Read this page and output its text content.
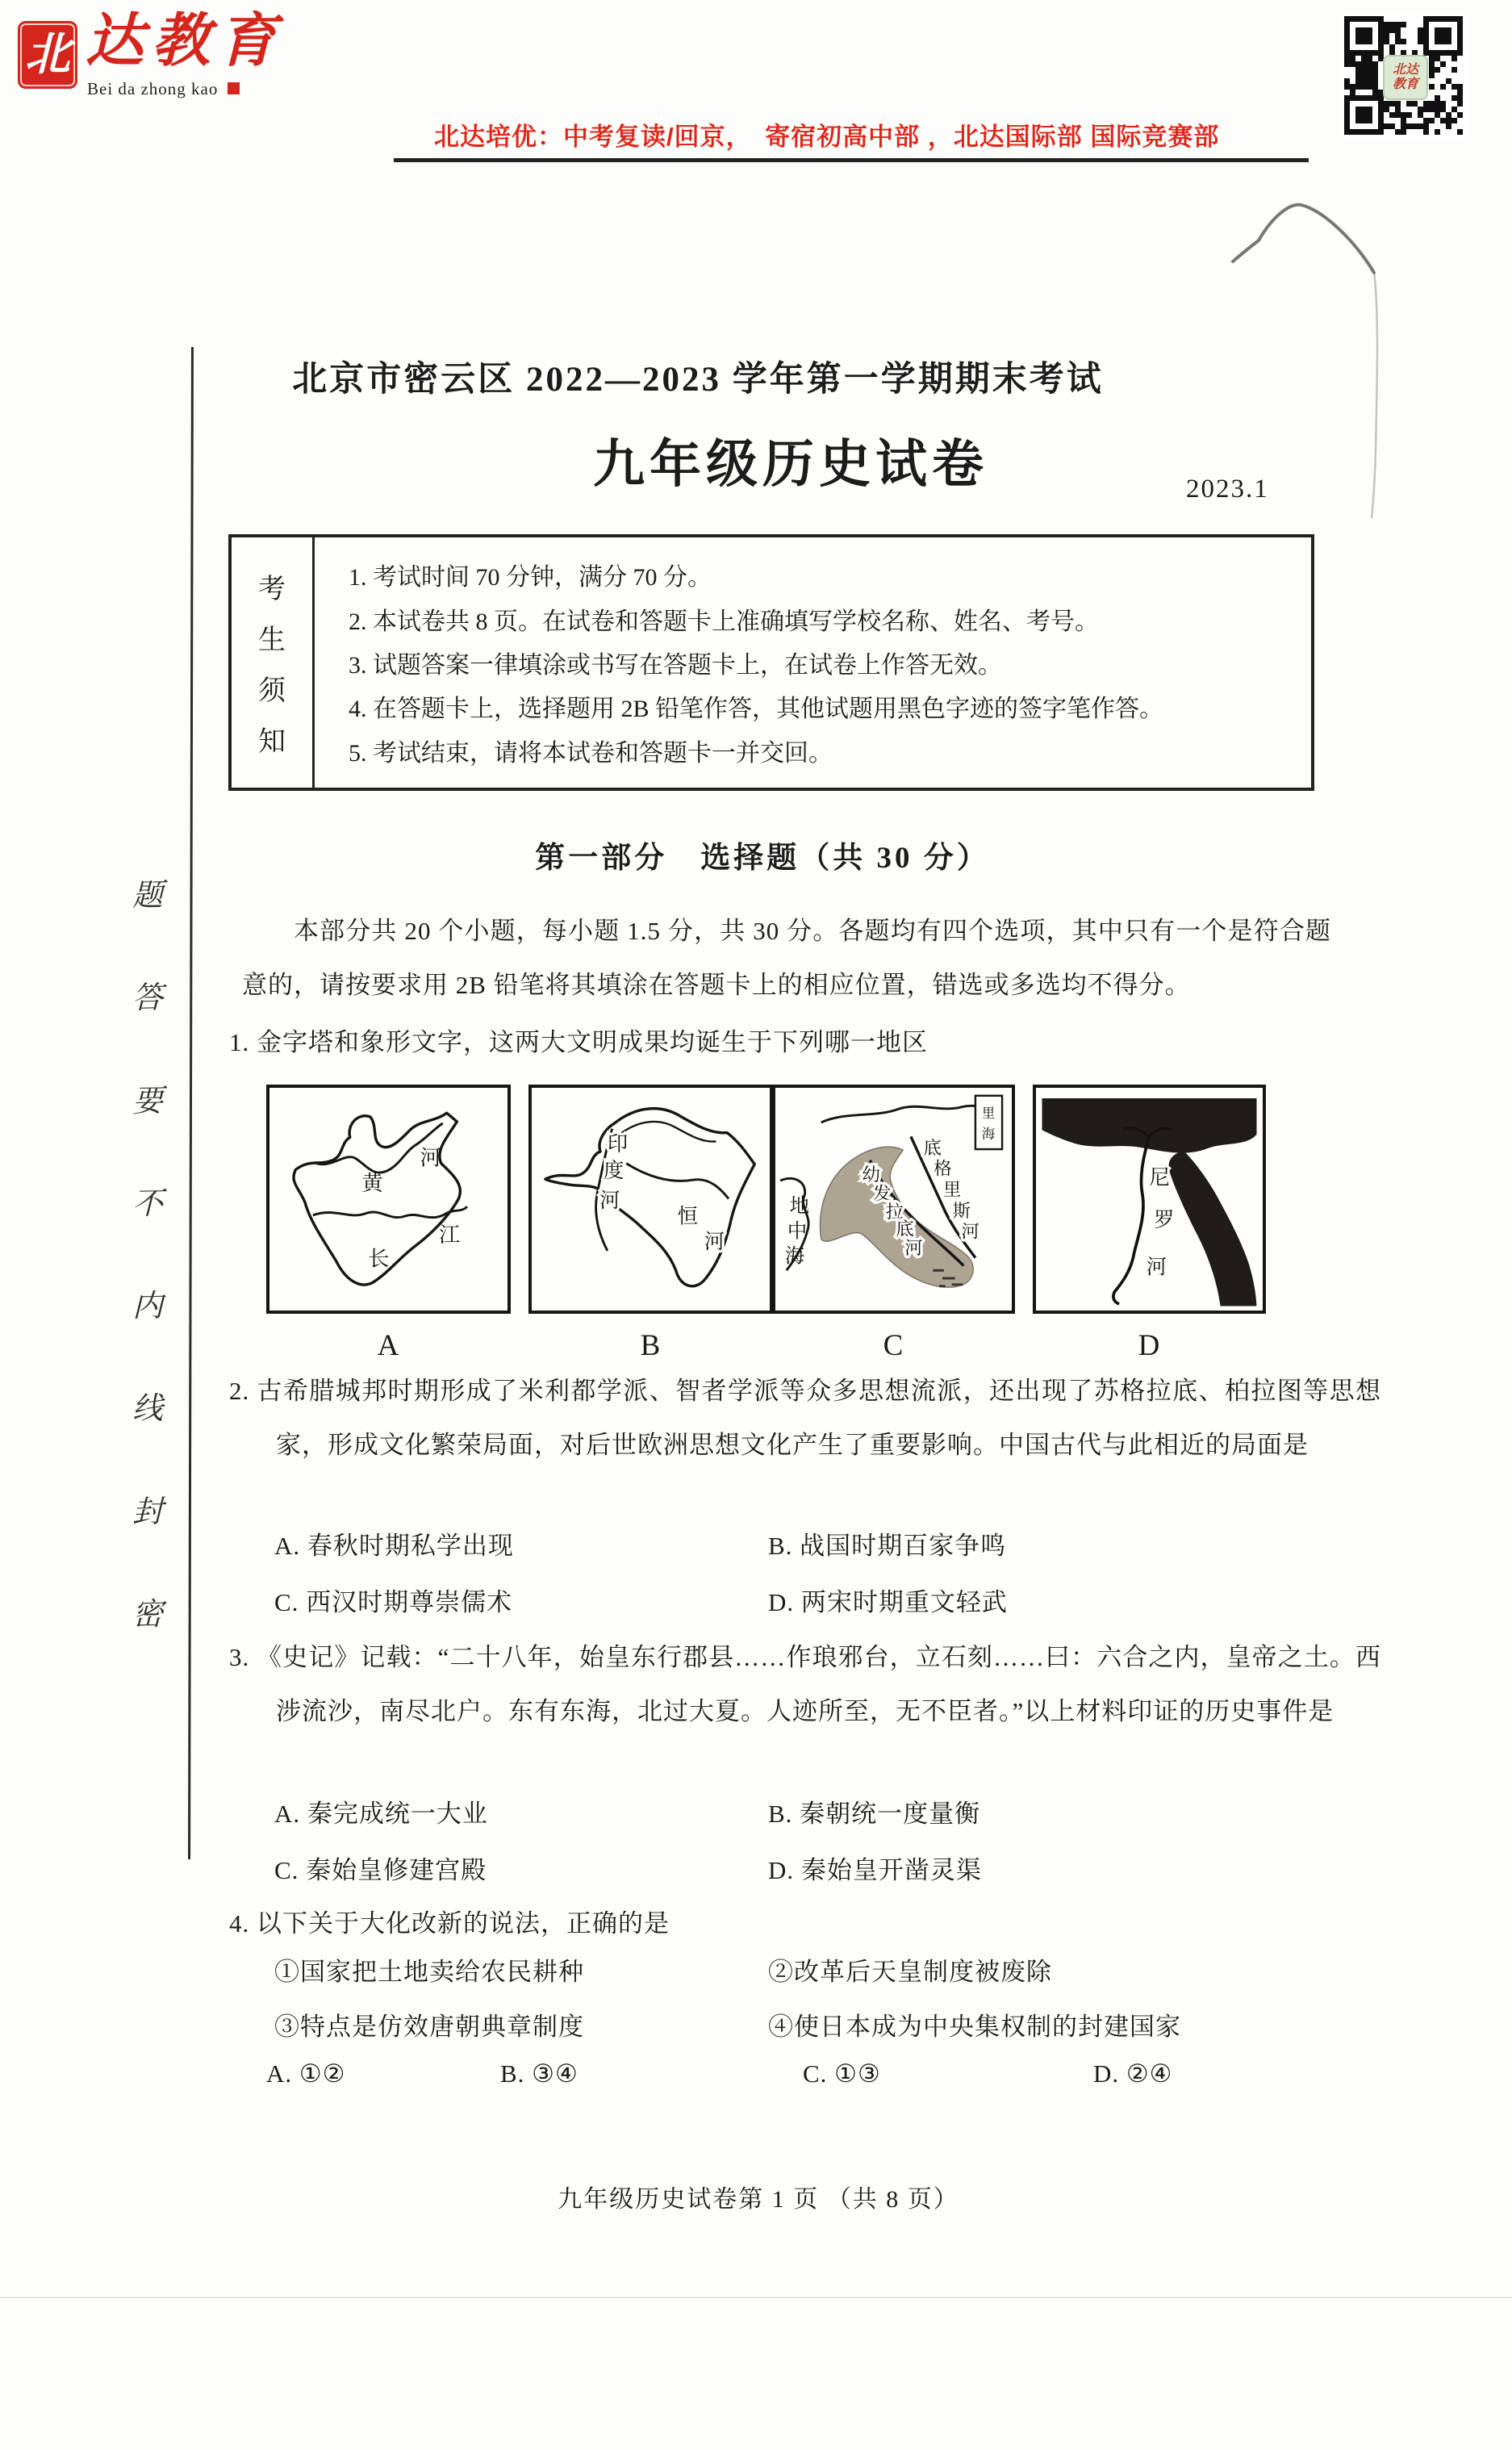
北 达教育
Bei da zhong kao
北达培优：中考复读/回京，　寄宿初高中部 ，北达国际部 国际竞赛部
北达
教育
北京市密云区 2022—2023 学年第一学期期末考试
九年级历史试卷	2023.1
考
生
须
知
1. 考试时间 70 分钟，满分 70 分。
2. 本试卷共 8 页。在试卷和答题卡上准确填写学校名称、姓名、考号。
3. 试题答案一律填涂或书写在答题卡上，在试卷上作答无效。
4. 在答题卡上，选择题用 2B 铅笔作答，其他试题用黑色字迹的签字笔作答。
5. 考试结束，请将本试卷和答题卡一并交回。
题
答
要
不
内
线
封
密
第一部分　选择题（共 30 分）
本部分共 20 个小题，每小题 1.5 分，共 30 分。各题均有四个选项，其中只有一个是符合题意的，请按要求用 2B 铅笔将其填涂在答题卡上的相应位置，错选或多选均不得分。
1. 金字塔和象形文字，这两大文明成果均诞生于下列哪一地区
黄
河
长
江
印
度
河
恒
河
里
海
地
中
海
幼
发
拉
底
河
底
格
里
斯
河
尼
罗
河
A	B	C	D
2. 古希腊城邦时期形成了米利都学派、智者学派等众多思想流派，还出现了苏格拉底、柏拉图等思想家，形成文化繁荣局面，对后世欧洲思想文化产生了重要影响。中国古代与此相近的局面是
A. 春秋时期私学出现	B. 战国时期百家争鸣
C. 西汉时期尊崇儒术	D. 两宋时期重文轻武
3. 《史记》记载：“二十八年，始皇东行郡县……作琅邪台，立石刻……曰：六合之内，皇帝之土。西涉流沙，南尽北户。东有东海，北过大夏。人迹所至，无不臣者。”以上材料印证的历史事件是
A. 秦完成统一大业	B. 秦朝统一度量衡
C. 秦始皇修建宫殿	D. 秦始皇开凿灵渠
4. 以下关于大化改新的说法，正确的是
①国家把土地卖给农民耕种	②改革后天皇制度被废除
③特点是仿效唐朝典章制度	④使日本成为中央集权制的封建国家
A. ①②	B. ③④	C. ①③	D. ②④
九年级历史试卷第 1 页 （共 8 页）
